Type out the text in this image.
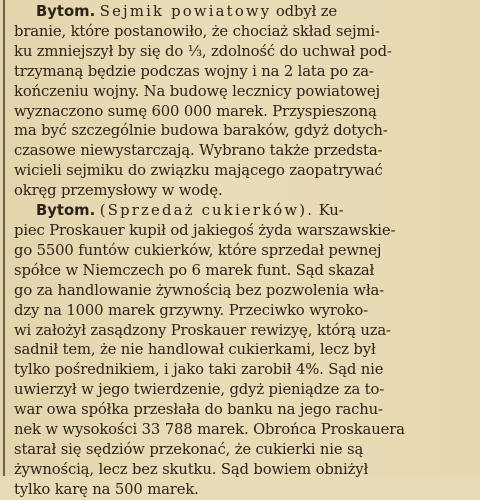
Bytom. Sejmik powiatowy odbył ze
branie, które postanowiło, że chociaż skład sejmi-
ku zmniejszył by się do ⅓, zdolność do uchwał pod-
trzymaną będzie podczas wojny i na 2 lata po za-
kończeniu wojny. Na budowę lecznicy powiatowej
wyznaczono sumę 600 000 marek. Przyspieszoną
ma być szczególnie budowa baraków, gdyż dotych-
czasowe niewystarczają. Wybrano także przedsta-
wicieli sejmiku do związku mającego zaopatrywać
okręg przemysłowy w wodę.
Bytom. (Sprzedaż cukierków). Ku-
piec Proskauer kupił od jakiegoś żyda warszawskie-
go 5500 funtów cukierków, które sprzedał pewnej
spółce w Niemczech po 6 marek funt. Sąd skazał
go za handlowanie żywnością bez pozwolenia wła-
dzy na 1000 marek grzywny. Przeciwko wyroko-
wi założył zasądzony Proskauer rewizyę, którą uza-
sadnił tem, że nie handlował cukierkami, lecz był
tylko pośrednikiem, i jako taki zarobił 4%. Sąd nie
uwierzył w jego twierdzenie, gdyż pieniądze za to-
war owa spółka przesłała do banku na jego rachu-
nek w wysokości 33 788 marek. Obrońca Proskauera
starał się sędziów przekonać, że cukierki nie są
żywnością, lecz bez skutku. Sąd bowiem obniżył
tylko karę na 500 marek.
